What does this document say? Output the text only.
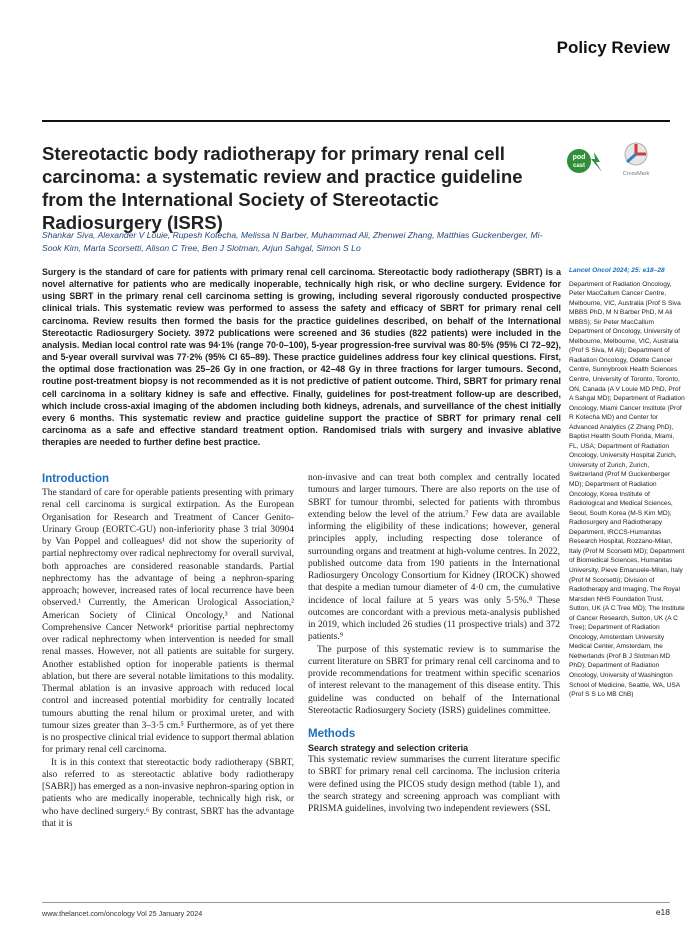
Policy Review
Stereotactic body radiotherapy for primary renal cell carcinoma: a systematic review and practice guideline from the International Society of Stereotactic Radiosurgery (ISRS)
pod
cast
CrossMark
Shankar Siva, Alexander V Louie, Rupesh Kotecha, Melissa N Barber, Muhammad Ali, Zhenwei Zhang, Matthias Guckenberger, Mi-Sook Kim, Marta Scorsetti, Alison C Tree, Ben J Slotman, Arjun Sahgal, Simon S Lo
Surgery is the standard of care for patients with primary renal cell carcinoma. Stereotactic body radiotherapy (SBRT) is a novel alternative for patients who are medically inoperable, technically high risk, or who decline surgery. Evidence for using SBRT in the primary renal cell carcinoma setting is growing, including several rigorously conducted prospective clinical trials. This systematic review was performed to assess the safety and efficacy of SBRT for primary renal cell carcinoma. Review results then formed the basis for the practice guidelines described, on behalf of the International Stereotactic Radiosurgery Society. 3972 publications were screened and 36 studies (822 patients) were included in the analysis. Median local control rate was 94·1% (range 70·0–100), 5-year progression-free survival was 80·5% (95% CI 72–92), and 5-year overall survival was 77·2% (95% CI 65–89). These practice guidelines address four key clinical questions. First, the optimal dose fractionation was 25–26 Gy in one fraction, or 42–48 Gy in three fractions for larger tumours. Second, routine post-treatment biopsy is not recommended as it is not predictive of patient outcome. Third, SBRT for primary renal cell carcinoma in a solitary kidney is safe and effective. Finally, guidelines for post-treatment follow-up are described, which include cross-axial imaging of the abdomen including both kidneys, adrenals, and surveillance of the chest initially every 6 months. This systematic review and practice guideline support the practice of SBRT for primary renal cell carcinoma as a safe and effective standard treatment option. Randomised trials with surgery and invasive ablative therapies are needed to further define best practice.
Introduction

The standard of care for operable patients presenting with primary renal cell carcinoma is surgical extirpation. As the European Organisation for Research and Treatment of Cancer Genito-Urinary Group (EORTC-GU) non-inferiority phase 3 trial 30904 by Van Poppel and colleagues¹ did not show the superiority of partial nephrectomy over radical nephrectomy for overall survival, both approaches are considered reasonable standards. Partial nephrectomy has the advantage of being a nephron-sparing approach; however, increased rates of local recurrence have been observed.¹ Currently, the American Urological Association,² American Society of Clinical Oncology,³ and National Comprehensive Cancer Network⁴ prioritise partial nephrectomy over radical nephrectomy when intervention is needed for small renal masses. However, not all patients are suitable for surgery. Another established option for inoperable patients is thermal ablation, but there are several notable limitations to this modality. Thermal ablation is an invasive approach with reduced local control and increased potential morbidity for centrally located tumours abutting the renal hilum or proximal ureter, and with tumour sizes greater than 3–3·5 cm.⁵ Furthermore, as of yet there is no prospective clinical trial evidence to support thermal ablation for primary renal cell carcinoma.

It is in this context that stereotactic body radiotherapy (SBRT, also referred to as stereotactic ablative body radiotherapy [SABR]) has emerged as a non-invasive nephron-sparing option in patients who are medically inoperable, technically high risk, or who have declined surgery.⁶ By contrast, SBRT has the advantage that it is

non-invasive and can treat both complex and centrally located tumours and larger tumours. There are also reports on the use of SBRT for tumour thrombi, selected for patients with thrombus extending below the level of the atrium.⁷ Few data are available informing the eligibility of these indications; however, general principles apply, including respecting dose tolerance of surrounding organs and treatment at high-volume centres. In 2022, published outcome data from 190 patients in the International Radiosurgery Oncology Consortium for Kidney (IROCK) showed that despite a median tumour diameter of 4·0 cm, the cumulative incidence of local failure at 5 years was only 5·5%.⁸ These outcomes are concordant with a previous meta-analysis published in 2019, which included 26 studies (11 prospective trials) and 372 patients.⁹

The purpose of this systematic review is to summarise the current literature on SBRT for primary renal cell carcinoma and to provide recommendations for treatment within specific scenarios of interest relevant to the management of this disease entity. This guideline was conducted on behalf of the International Stereotactic Radiosurgery Society (ISRS) guidelines committee.

Methods
Search strategy and selection criteria

This systematic review summarises the current literature specific to SBRT for primary renal cell carcinoma. The inclusion criteria were defined using the PICOS study design method (table 1), and the search strategy and screening approach was compliant with PRISMA guidelines, involving two independent reviewers (SSL

Lancet Oncol 2024; 25: e18–28
Department of Radiation Oncology, Peter MacCallum Cancer Centre, Melbourne, VIC, Australia (Prof S Siva MBBS PhD, M N Barber PhD, M Ali MBBS); Sir Peter MacCallum Department of Oncology, University of Melbourne, Melbourne, VIC, Australia (Prof S Siva, M Ali); Department of Radiation Oncology, Odette Cancer Centre, Sunnybrook Health Sciences Centre, University of Toronto, Toronto, ON, Canada (A V Louie MD PhD, Prof A Sahgal MD); Department of Radiation Oncology, Miami Cancer Institute (Prof R Kotecha MD) and Center for Advanced Analytics (Z Zhang PhD), Baptist Health South Florida, Miami, FL, USA; Department of Radiation Oncology, University Hospital Zurich, University of Zurich, Zurich, Switzerland (Prof M Guckenberger MD); Department of Radiation Oncology, Korea Institute of Radiological and Medical Sciences, Seoul, South Korea (M-S Kim MD); Radiosurgery and Radiotherapy Department, IRCCS-Humanitas Research Hospital, Rozzano-Milan, Italy (Prof M Scorsetti MD); Department of Biomedical Sciences, Humanitas University, Pieve Emanuele-Milan, Italy (Prof M Scorsetti); Division of Radiotherapy and Imaging, The Royal Marsden NHS Foundation Trust, Sutton, UK (A C Tree MD); The Institute of Cancer Research, Sutton, UK (A C Tree); Department of Radiation Oncology, Amsterdam University Medical Center, Amsterdam, the Netherlands (Prof B J Slotman MD PhD); Department of Radiation Oncology, University of Washington School of Medicine, Seattle, WA, USA (Prof S S Lo MB ChB)
www.thelancet.com/oncology Vol 25 January 2024	e18
